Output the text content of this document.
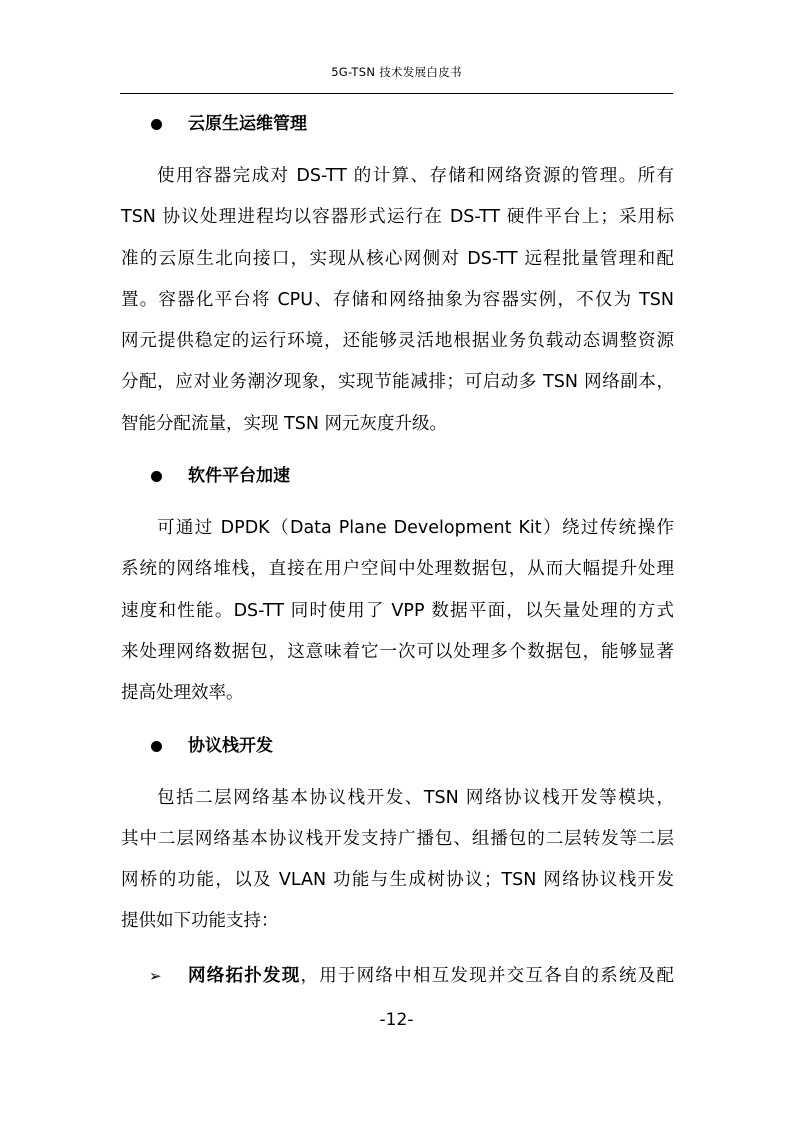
5G-TSN 技术发展白皮书
云原生运维管理
使用容器完成对 DS-TT 的计算、存储和网络资源的管理。所有
TSN 协议处理进程均以容器形式运行在 DS-TT 硬件平台上；采用标
准的云原生北向接口，实现从核心网侧对 DS-TT 远程批量管理和配
置。容器化平台将 CPU、存储和网络抽象为容器实例，不仅为 TSN
网元提供稳定的运行环境，还能够灵活地根据业务负载动态调整资源
分配，应对业务潮汐现象，实现节能减排；可启动多 TSN 网络副本，
智能分配流量，实现 TSN 网元灰度升级。
软件平台加速
可通过 DPDK（Data Plane Development Kit）绕过传统操作
系统的网络堆栈，直接在用户空间中处理数据包，从而大幅提升处理
速度和性能。DS-TT 同时使用了 VPP 数据平面，以矢量处理的方式
来处理网络数据包，这意味着它一次可以处理多个数据包，能够显著
提高处理效率。
协议栈开发
包括二层网络基本协议栈开发、TSN 网络协议栈开发等模块，
其中二层网络基本协议栈开发支持广播包、组播包的二层转发等二层
网桥的功能，以及 VLAN 功能与生成树协议；TSN 网络协议栈开发
提供如下功能支持：
➢ 网络拓扑发现，用于网络中相互发现并交互各自的系统及配
-12-
